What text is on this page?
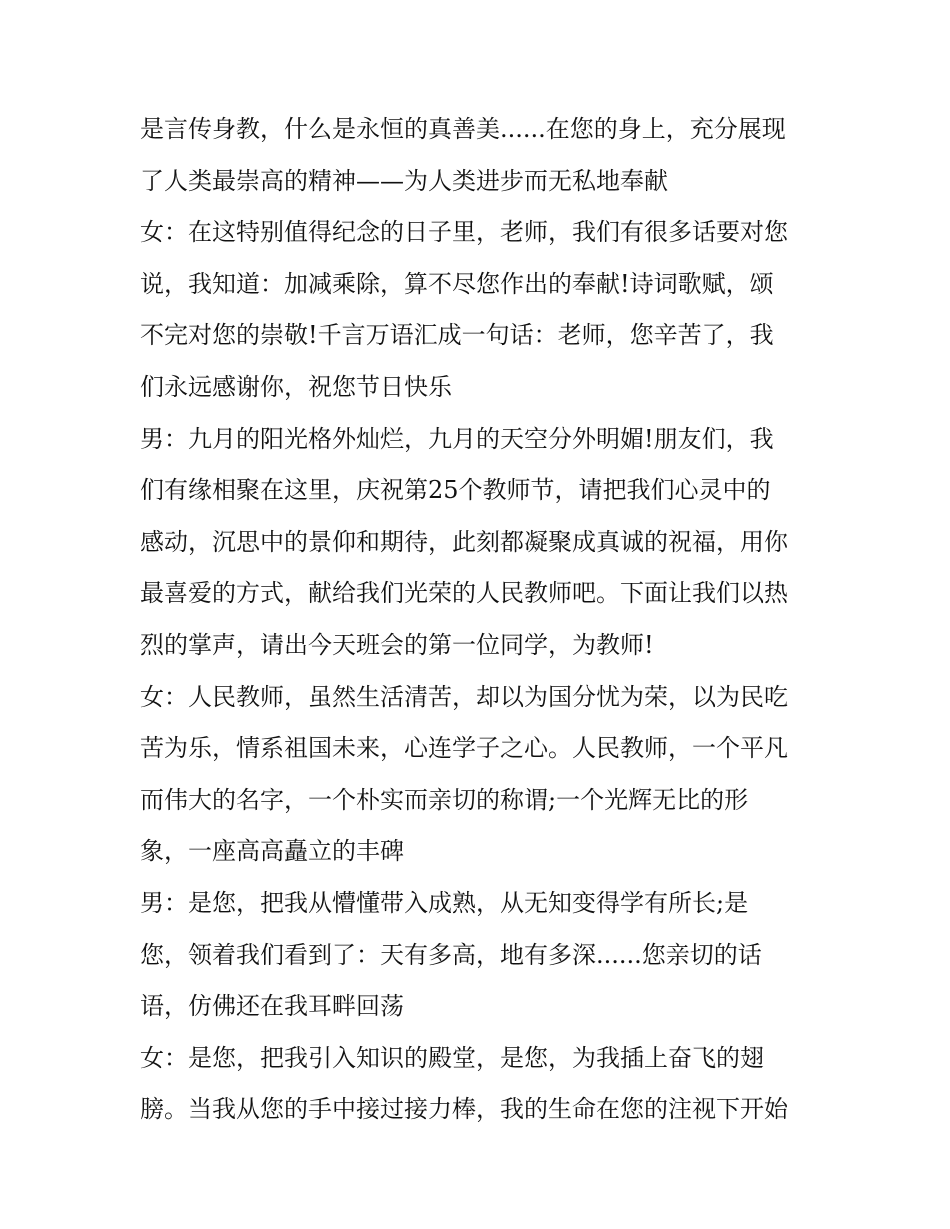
是言传身教，什么是永恒的真善美......在您的身上，充分展现
了人类最崇高的精神——为人类进步而无私地奉献
女：在这特别值得纪念的日子里，老师，我们有很多话要对您
说，我知道：加减乘除，算不尽您作出的奉献!诗词歌赋，颂
不完对您的崇敬!千言万语汇成一句话：老师，您辛苦了，我
们永远感谢你，祝您节日快乐
男：九月的阳光格外灿烂，九月的天空分外明媚!朋友们，我
们有缘相聚在这里，庆祝第25个教师节，请把我们心灵中的
感动，沉思中的景仰和期待，此刻都凝聚成真诚的祝福，用你
最喜爱的方式，献给我们光荣的人民教师吧。下面让我们以热
烈的掌声，请出今天班会的第一位同学，为教师!
女：人民教师，虽然生活清苦，却以为国分忧为荣，以为民吃
苦为乐，情系祖国未来，心连学子之心。人民教师，一个平凡
而伟大的名字，一个朴实而亲切的称谓;一个光辉无比的形
象，一座高高矗立的丰碑
男：是您，把我从懵懂带入成熟，从无知变得学有所长;是
您，领着我们看到了：天有多高，地有多深......您亲切的话
语，仿佛还在我耳畔回荡
女：是您，把我引入知识的殿堂，是您，为我插上奋飞的翅
膀。当我从您的手中接过接力棒，我的生命在您的注视下开始
